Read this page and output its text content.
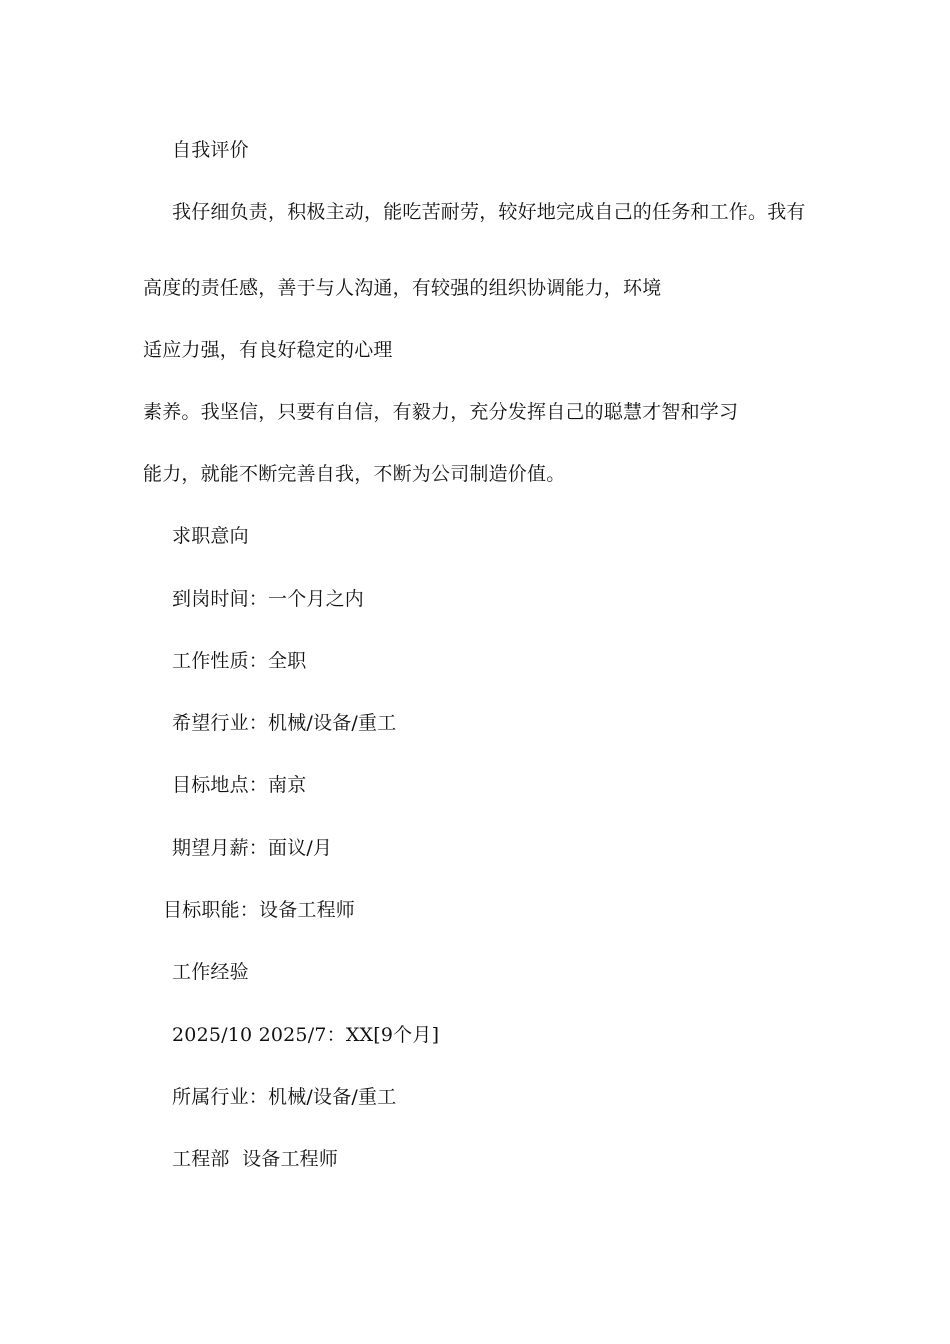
自我评价
我仔细负责，积极主动，能吃苦耐劳，较好地完成自己的任务和工作。我有
高度的责任感，善于与人沟通，有较强的组织协调能力，环境
适应力强，有良好稳定的心理
素养。我坚信，只要有自信，有毅力，充分发挥自己的聪慧才智和学习
能力，就能不断完善自我，不断为公司制造价值。
求职意向
到岗时间：一个月之内
工作性质：全职
希望行业：机械/设备/重工
目标地点：南京
期望月薪：面议/月
目标职能：设备工程师
工作经验
2025/10 2025/7：XX[9个月]
所属行业：机械/设备/重工
工程部  设备工程师
